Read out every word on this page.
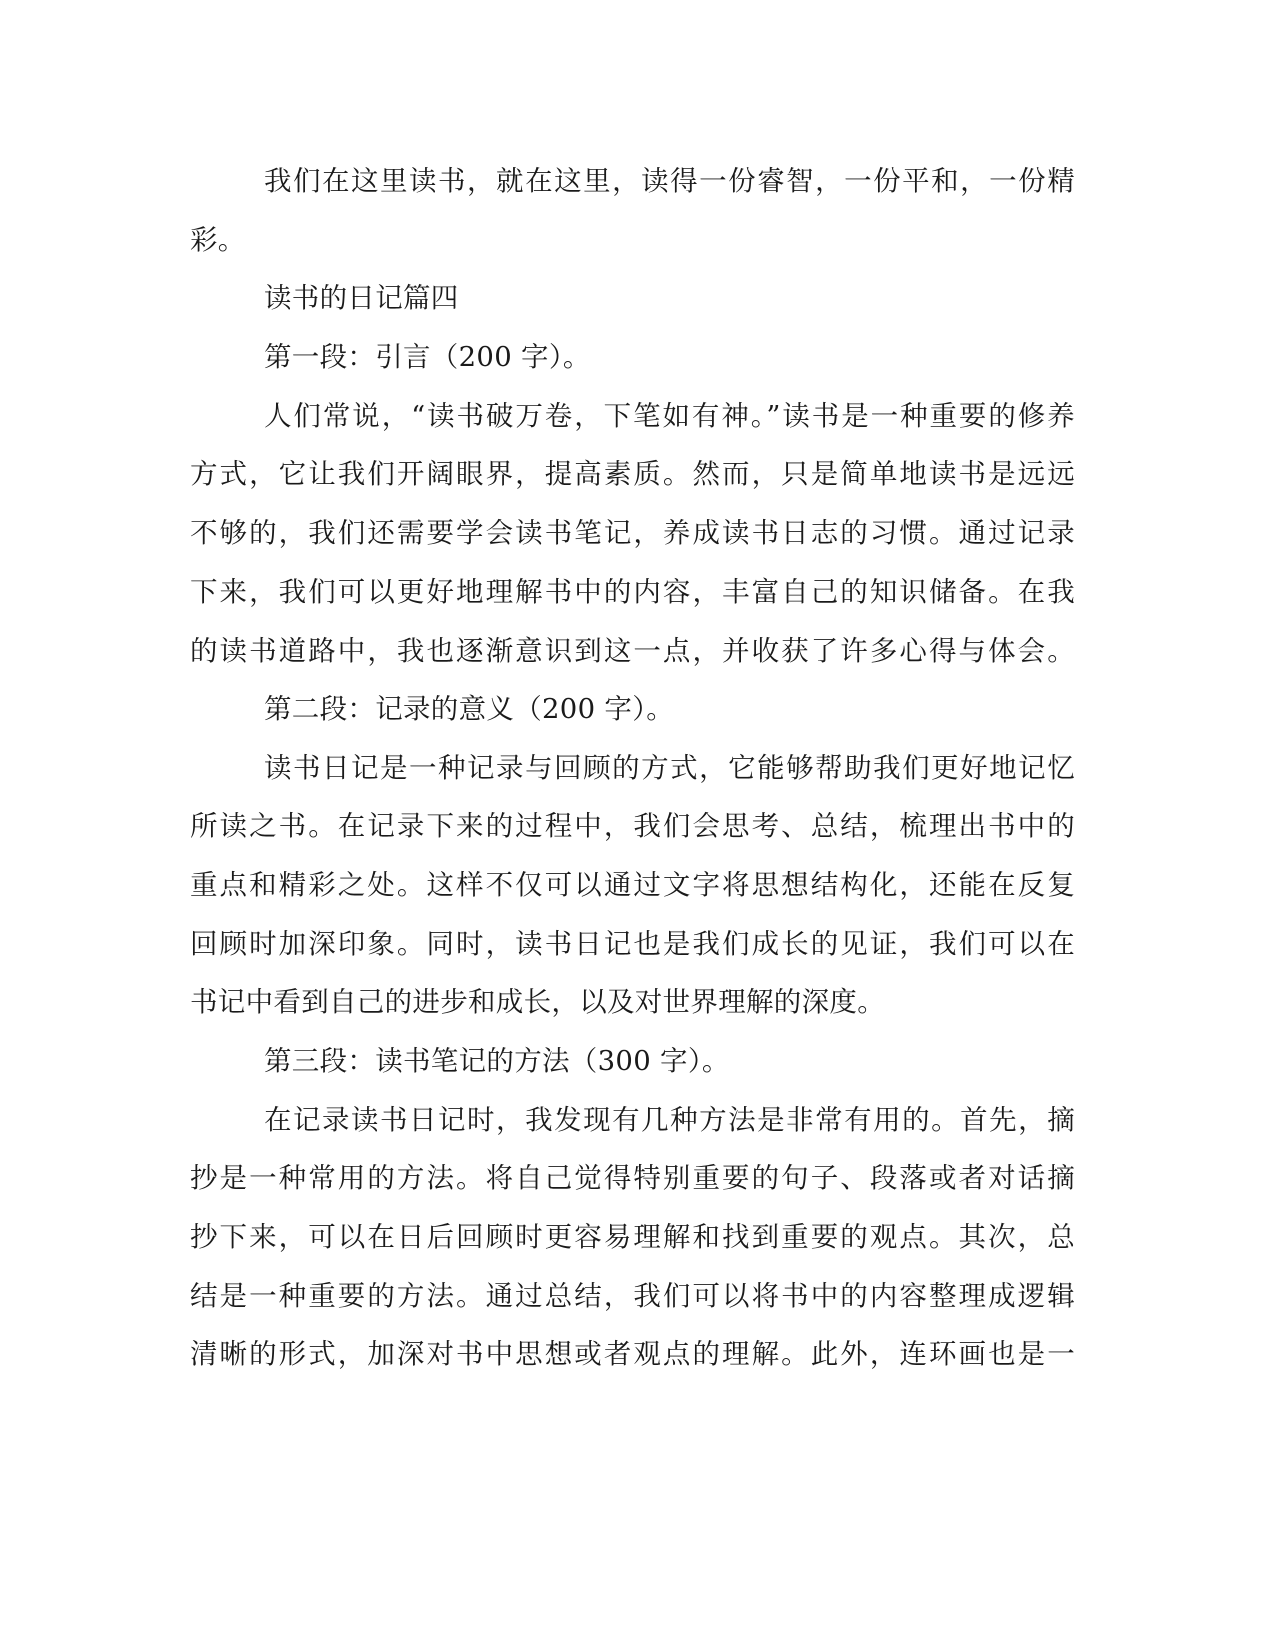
我们在这里读书，就在这里，读得一份睿智，一份平和，一份精
彩。
读书的日记篇四
第一段：引言（200 字）。
人们常说，“读书破万卷，下笔如有神。”读书是一种重要的修养
方式，它让我们开阔眼界，提高素质。然而，只是简单地读书是远远
不够的，我们还需要学会读书笔记，养成读书日志的习惯。通过记录
下来，我们可以更好地理解书中的内容，丰富自己的知识储备。在我
的读书道路中，我也逐渐意识到这一点，并收获了许多心得与体会。
第二段：记录的意义（200 字）。
读书日记是一种记录与回顾的方式，它能够帮助我们更好地记忆
所读之书。在记录下来的过程中，我们会思考、总结，梳理出书中的
重点和精彩之处。这样不仅可以通过文字将思想结构化，还能在反复
回顾时加深印象。同时，读书日记也是我们成长的见证，我们可以在
书记中看到自己的进步和成长，以及对世界理解的深度。
第三段：读书笔记的方法（300 字）。
在记录读书日记时，我发现有几种方法是非常有用的。首先，摘
抄是一种常用的方法。将自己觉得特别重要的句子、段落或者对话摘
抄下来，可以在日后回顾时更容易理解和找到重要的观点。其次，总
结是一种重要的方法。通过总结，我们可以将书中的内容整理成逻辑
清晰的形式，加深对书中思想或者观点的理解。此外，连环画也是一
